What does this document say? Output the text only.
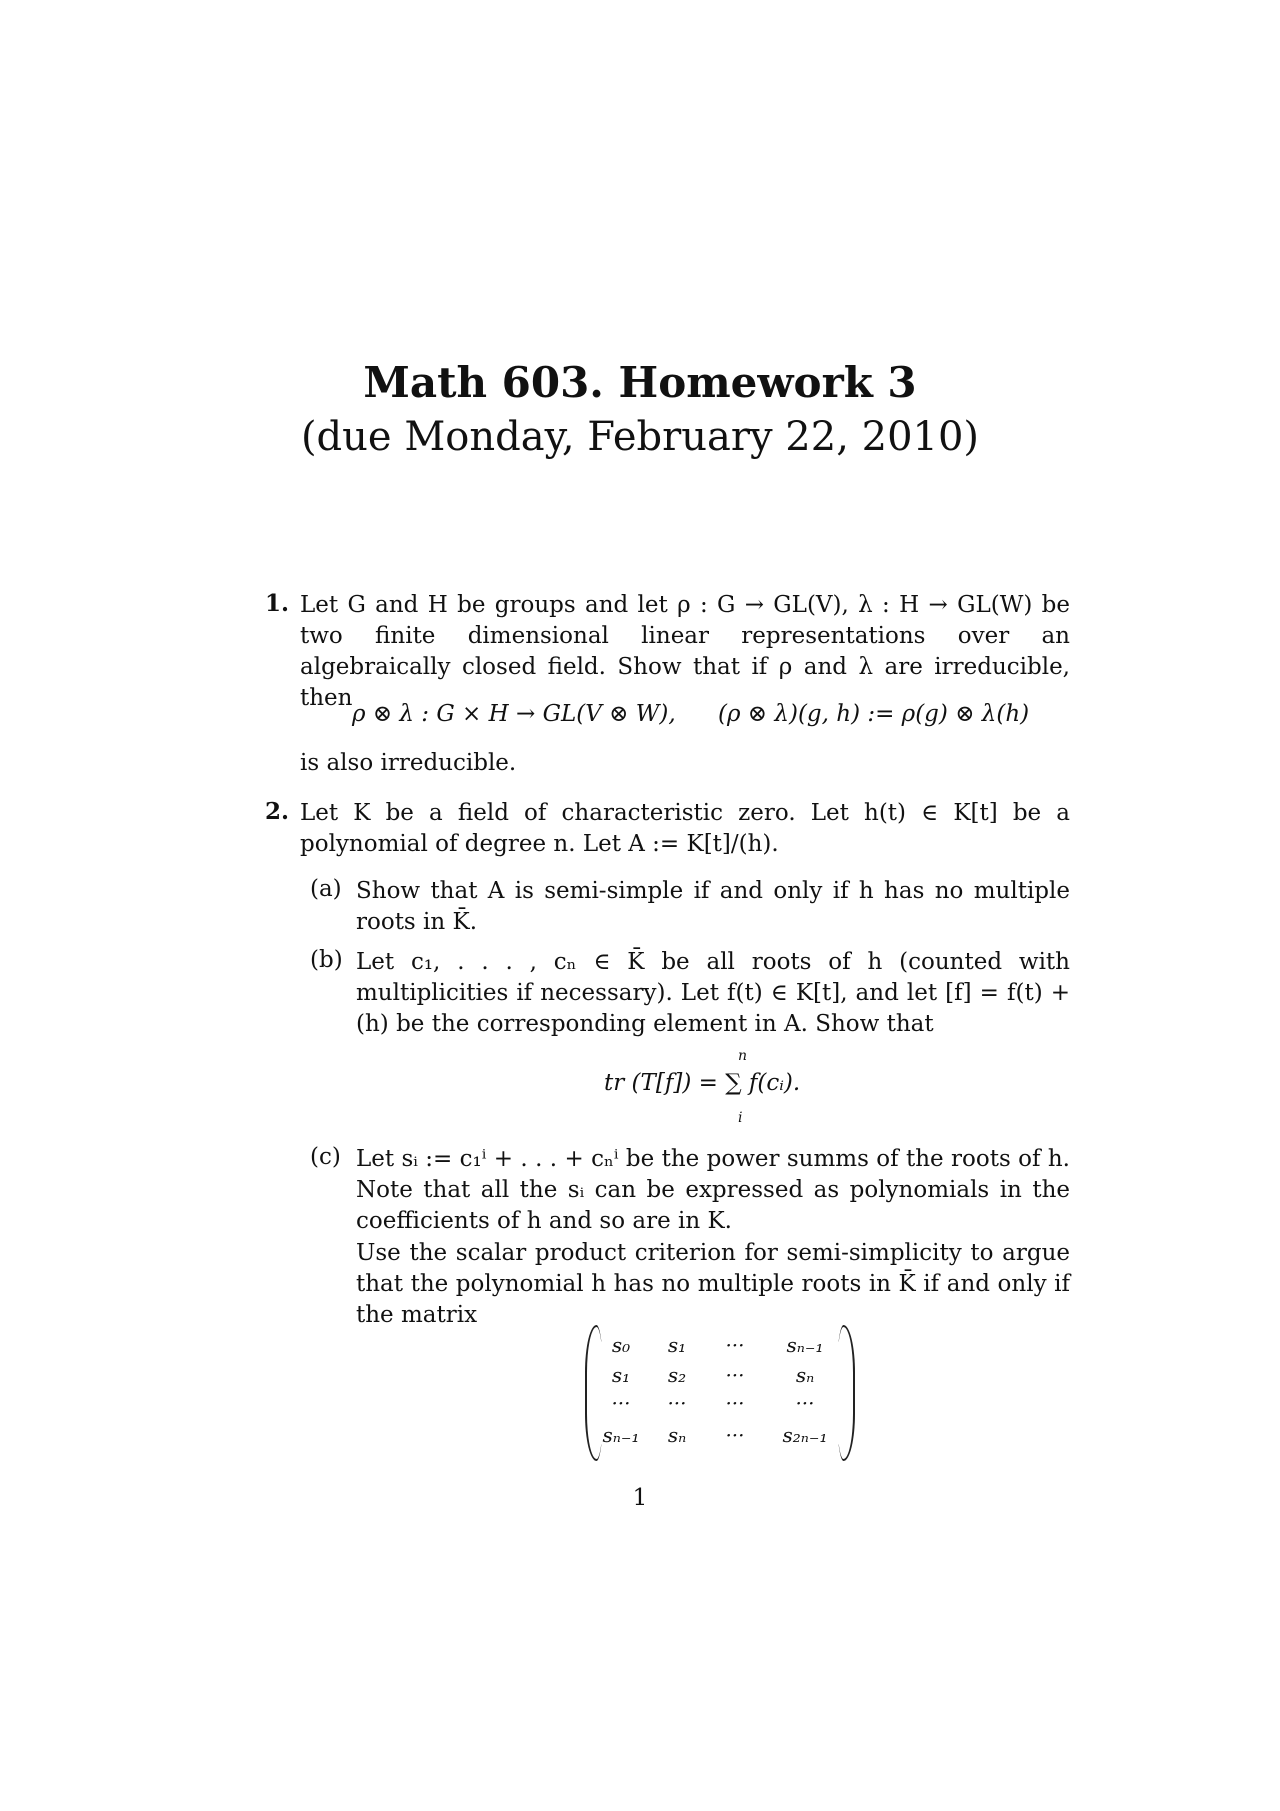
Math 603. Homework 3
(due Monday, February 22, 2010)
1. Let G and H be groups and let ρ : G → GL(V), λ : H → GL(W) be two finite dimensional linear representations over an algebraically closed field. Show that if ρ and λ are irreducible, then
ρ ⊗ λ : G × H → GL(V ⊗ W), (ρ ⊗ λ)(g, h) := ρ(g) ⊗ λ(h)
is also irreducible.
2. Let K be a field of characteristic zero. Let h(t) ∈ K[t] be a polynomial of degree n. Let A := K[t]/(h).
(a) Show that A is semi-simple if and only if h has no multiple roots in K̄.
(b) Let c₁, . . . , cₙ ∈ K̄ be all roots of h (counted with multiplicities if necessary). Let f(t) ∈ K[t], and let [f] = f(t) + (h) be the corresponding element in A. Show that
tr (T[f]) = ∑ f(cᵢ).
n
i
(c) Let sᵢ := c₁ⁱ + . . . + cₙⁱ be the power summs of the roots of h. Note that all the sᵢ can be expressed as polynomials in the coefficients of h and so are in K.
Use the scalar product criterion for semi-simplicity to argue that the polynomial h has no multiple roots in K̄ if and only if the matrix
s₀	s₁	···	sₙ₋₁
s₁	s₂	···	sₙ
···	···	···	···
sₙ₋₁	sₙ	···	s₂ₙ₋₁
1
